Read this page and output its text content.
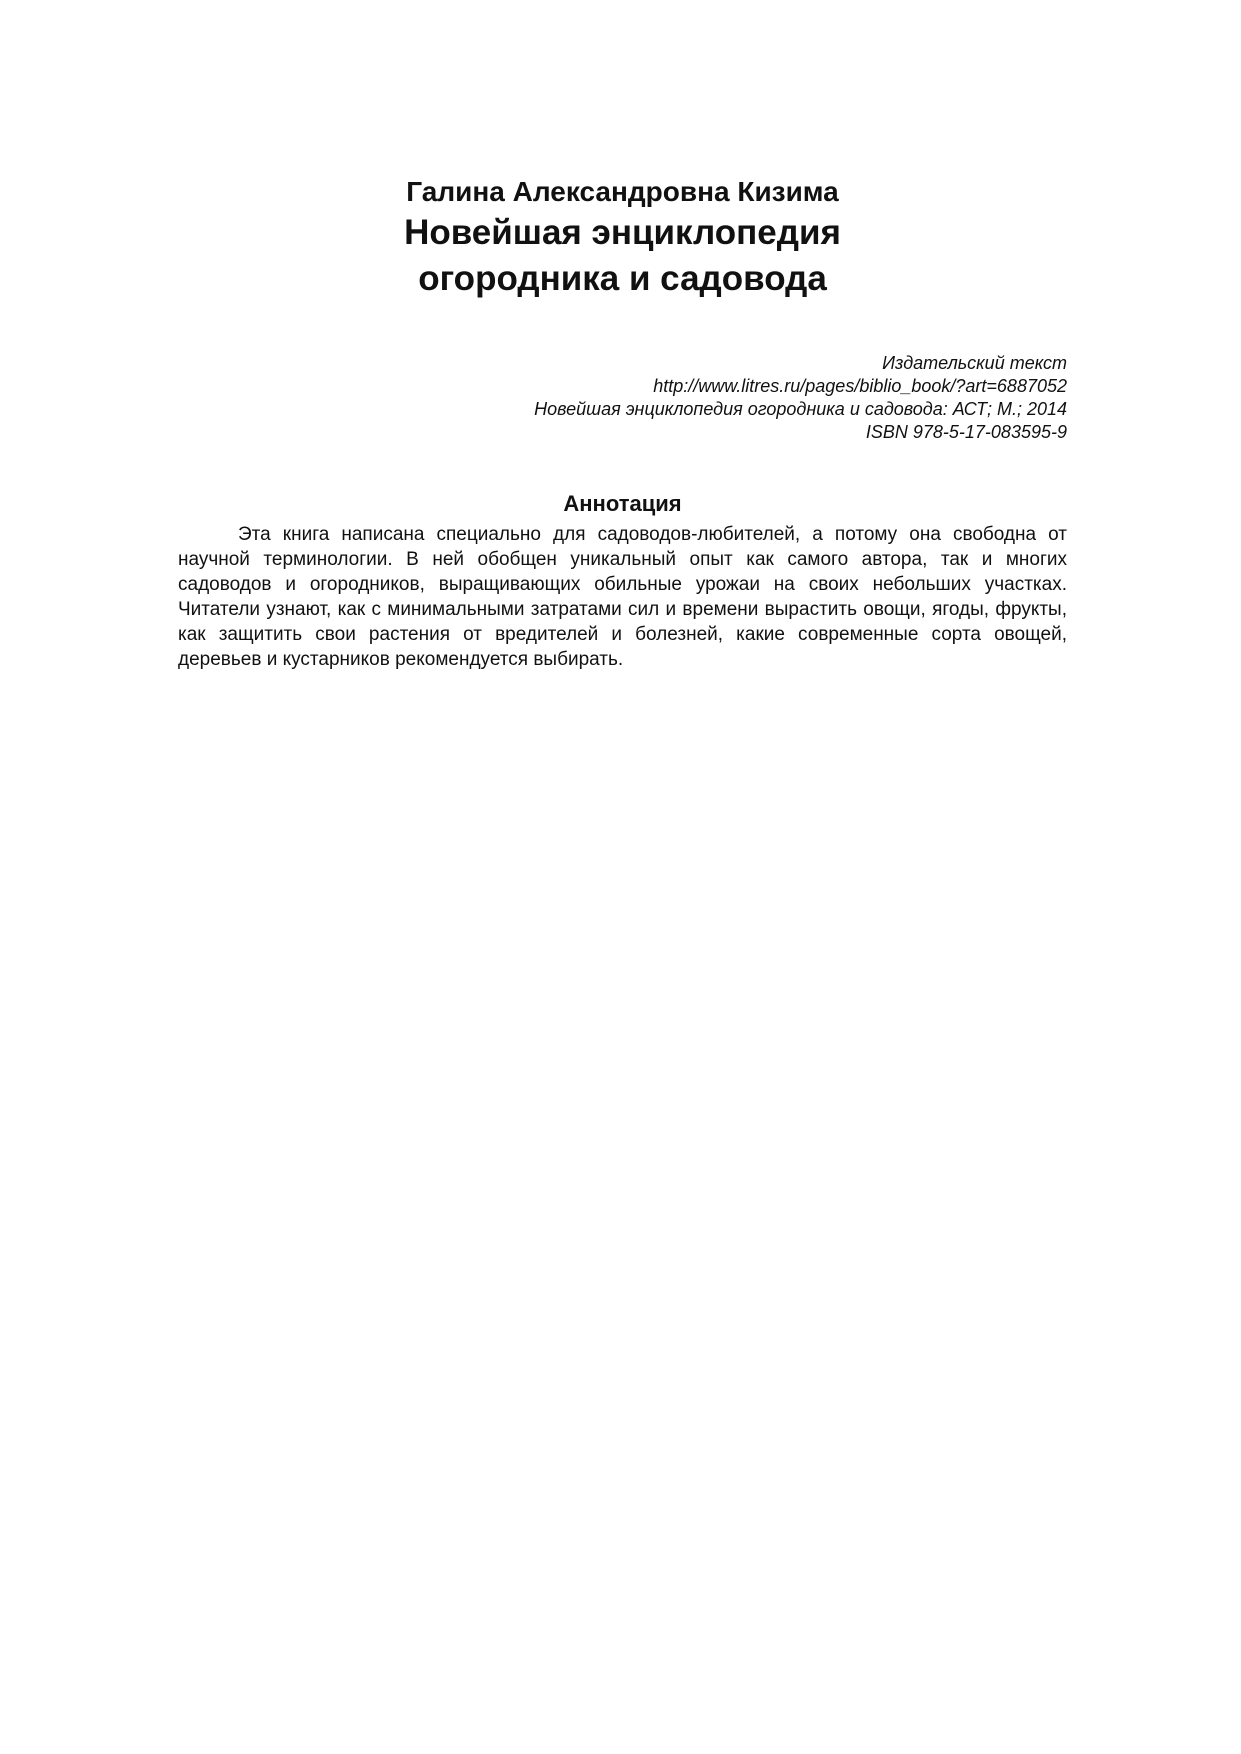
Галина Александровна Кизима

Новейшая энциклопедия

огородника и садовода

Издательский текст
http://www.litres.ru/pages/biblio_book/?art=6887052
Новейшая энциклопедия огородника и садовода: АСТ; М.; 2014
ISBN 978-5-17-083595-9
Аннотация

Эта книга написана специально для садоводов-любителей, а потому она свободна от научной терминологии. В ней обобщен уникальный опыт как самого автора, так и многих садоводов и огородников, выращивающих обильные урожаи на своих небольших участках. Читатели узнают, как с минимальными затратами сил и времени вырастить овощи, ягоды, фрукты, как защитить свои растения от вредителей и болезней, какие современные сорта овощей, деревьев и кустарников рекомендуется выбирать.
